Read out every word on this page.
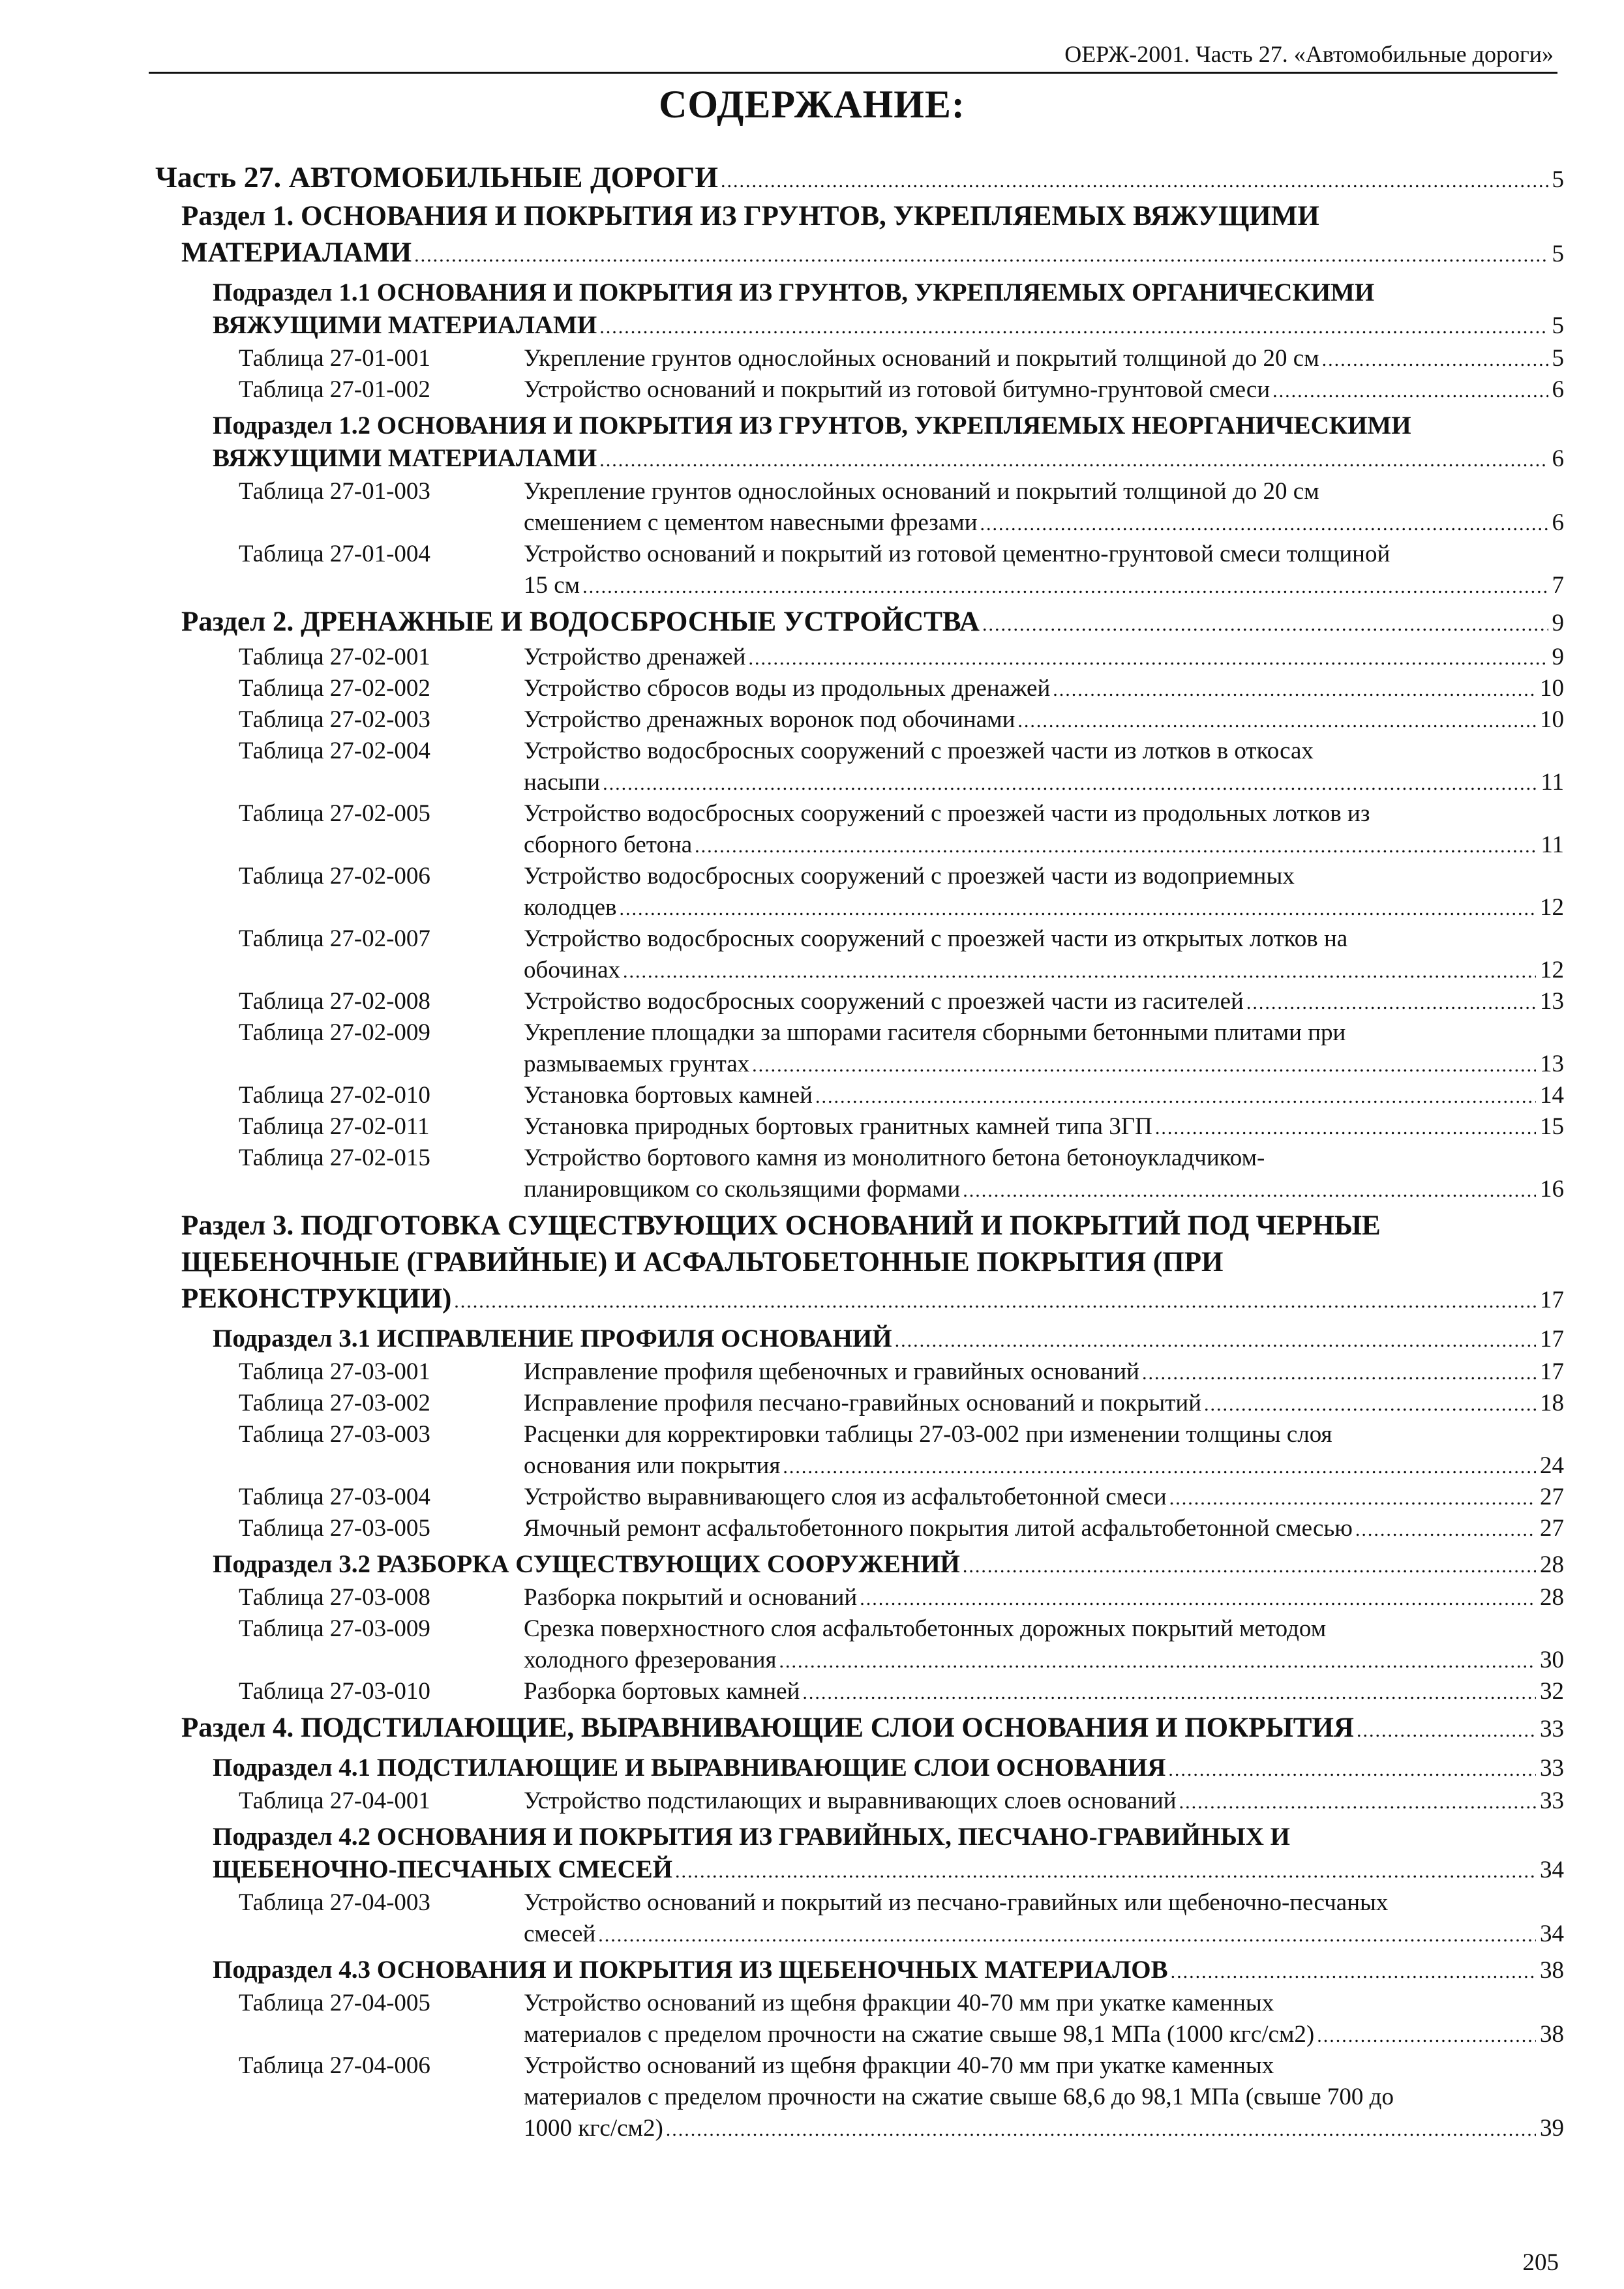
ОЕРЖ-2001. Часть 27. «Автомобильные дороги»
СОДЕРЖАНИЕ:
Часть 27. АВТОМОБИЛЬНЫЕ ДОРОГИ .....	5
Раздел 1. ОСНОВАНИЯ И ПОКРЫТИЯ ИЗ ГРУНТОВ, УКРЕПЛЯЕМЫХ ВЯЖУЩИМИ
МАТЕРИАЛАМИ .....	5
Подраздел 1.1 ОСНОВАНИЯ И ПОКРЫТИЯ ИЗ ГРУНТОВ, УКРЕПЛЯЕМЫХ ОРГАНИЧЕСКИМИ
ВЯЖУЩИМИ МАТЕРИАЛАМИ .....	5
Таблица 27-01-001	Укрепление грунтов однослойных оснований и покрытий толщиной до 20 см .....	5
Таблица 27-01-002	Устройство оснований и покрытий из готовой битумно-грунтовой смеси .....	6
Подраздел 1.2 ОСНОВАНИЯ И ПОКРЫТИЯ ИЗ ГРУНТОВ, УКРЕПЛЯЕМЫХ НЕОРГАНИЧЕСКИМИ
ВЯЖУЩИМИ МАТЕРИАЛАМИ .....	6
Таблица 27-01-003	Укрепление грунтов однослойных оснований и покрытий толщиной до 20 см
смешением с цементом навесными фрезами .....	6
Таблица 27-01-004	Устройство оснований и покрытий из готовой цементно-грунтовой смеси толщиной
15 см .....	7
Раздел 2. ДРЕНАЖНЫЕ И ВОДОСБРОСНЫЕ УСТРОЙСТВА .....	9
Таблица 27-02-001	Устройство дренажей .....	9
Таблица 27-02-002	Устройство сбросов воды из продольных дренажей .....	10
Таблица 27-02-003	Устройство дренажных воронок под обочинами .....	10
Таблица 27-02-004	Устройство водосбросных сооружений с проезжей части из лотков в откосах
насыпи .....	11
Таблица 27-02-005	Устройство водосбросных сооружений с проезжей части из продольных лотков из
сборного бетона .....	11
Таблица 27-02-006	Устройство водосбросных сооружений с проезжей части из водоприемных
колодцев .....	12
Таблица 27-02-007	Устройство водосбросных сооружений с проезжей части из открытых лотков на
обочинах .....	12
Таблица 27-02-008	Устройство водосбросных сооружений с проезжей части из гасителей .....	13
Таблица 27-02-009	Укрепление площадки за шпорами гасителя сборными бетонными плитами при
размываемых грунтах .....	13
Таблица 27-02-010	Установка бортовых камней .....	14
Таблица 27-02-011	Установка природных бортовых гранитных камней типа 3ГП .....	15
Таблица 27-02-015	Устройство бортового камня из монолитного бетона бетоноукладчиком-
планировщиком со скользящими формами .....	16
Раздел 3. ПОДГОТОВКА СУЩЕСТВУЮЩИХ ОСНОВАНИЙ И ПОКРЫТИЙ ПОД ЧЕРНЫЕ
ЩЕБЕНОЧНЫЕ (ГРАВИЙНЫЕ) И АСФАЛЬТОБЕТОННЫЕ ПОКРЫТИЯ (ПРИ
РЕКОНСТРУКЦИИ) .....	17
Подраздел 3.1 ИСПРАВЛЕНИЕ ПРОФИЛЯ ОСНОВАНИЙ .....	17
Таблица 27-03-001	Исправление профиля щебеночных и гравийных оснований .....	17
Таблица 27-03-002	Исправление профиля песчано-гравийных оснований и покрытий .....	18
Таблица 27-03-003	Расценки для корректировки таблицы 27-03-002 при изменении толщины слоя
основания или покрытия .....	24
Таблица 27-03-004	Устройство выравнивающего слоя из асфальтобетонной смеси .....	27
Таблица 27-03-005	Ямочный ремонт асфальтобетонного покрытия литой асфальтобетонной смесью .....	27
Подраздел 3.2 РАЗБОРКА СУЩЕСТВУЮЩИХ СООРУЖЕНИЙ .....	28
Таблица 27-03-008	Разборка покрытий и оснований .....	28
Таблица 27-03-009	Срезка поверхностного слоя асфальтобетонных дорожных покрытий методом
холодного фрезерования .....	30
Таблица 27-03-010	Разборка бортовых камней .....	32
Раздел 4. ПОДСТИЛАЮЩИЕ, ВЫРАВНИВАЮЩИЕ СЛОИ ОСНОВАНИЯ И ПОКРЫТИЯ .....	33
Подраздел 4.1 ПОДСТИЛАЮЩИЕ И ВЫРАВНИВАЮЩИЕ СЛОИ ОСНОВАНИЯ .....	33
Таблица 27-04-001	Устройство подстилающих и выравнивающих слоев оснований .....	33
Подраздел 4.2 ОСНОВАНИЯ И ПОКРЫТИЯ ИЗ ГРАВИЙНЫХ, ПЕСЧАНО-ГРАВИЙНЫХ И
ЩЕБЕНОЧНО-ПЕСЧАНЫХ СМЕСЕЙ .....	34
Таблица 27-04-003	Устройство оснований и покрытий из песчано-гравийных или щебеночно-песчаных
смесей .....	34
Подраздел 4.3 ОСНОВАНИЯ И ПОКРЫТИЯ ИЗ ЩЕБЕНОЧНЫХ МАТЕРИАЛОВ .....	38
Таблица 27-04-005	Устройство оснований из щебня фракции 40-70 мм при укатке каменных
материалов с пределом прочности на сжатие свыше 98,1 МПа (1000 кгс/см2) .....	38
Таблица 27-04-006	Устройство оснований из щебня фракции 40-70 мм при укатке каменных
материалов с пределом прочности на сжатие свыше 68,6 до 98,1 МПа (свыше 700 до
1000 кгс/см2) .....	39
205
